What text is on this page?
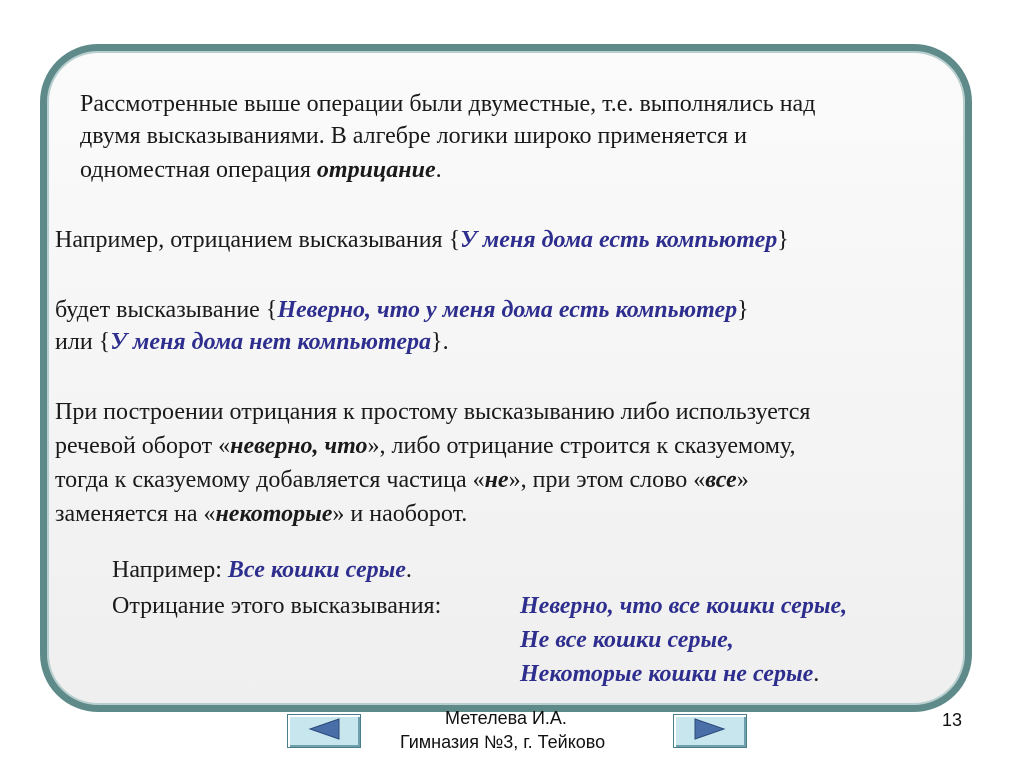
Рассмотренные выше операции были двуместные, т.е. выполнялись над
двумя высказываниями. В алгебре логики широко применяется и
одноместная операция отрицание.
Например, отрицанием высказывания {У меня дома есть компьютер}
будет высказывание {Неверно, что у меня дома есть компьютер}
или {У меня дома нет компьютера}.
При построении отрицания к простому высказыванию либо используется
речевой оборот «неверно, что», либо отрицание строится к сказуемому,
тогда к сказуемому добавляется частица «не», при этом слово «все»
заменяется на «некоторые» и наоборот.
Например: Все кошки серые.
Отрицание этого высказывания:	Неверно, что все кошки серые,
Не все кошки серые,
Некоторые кошки не серые.
Метелева И.А.
Гимназия №3, г. Тейково
13
